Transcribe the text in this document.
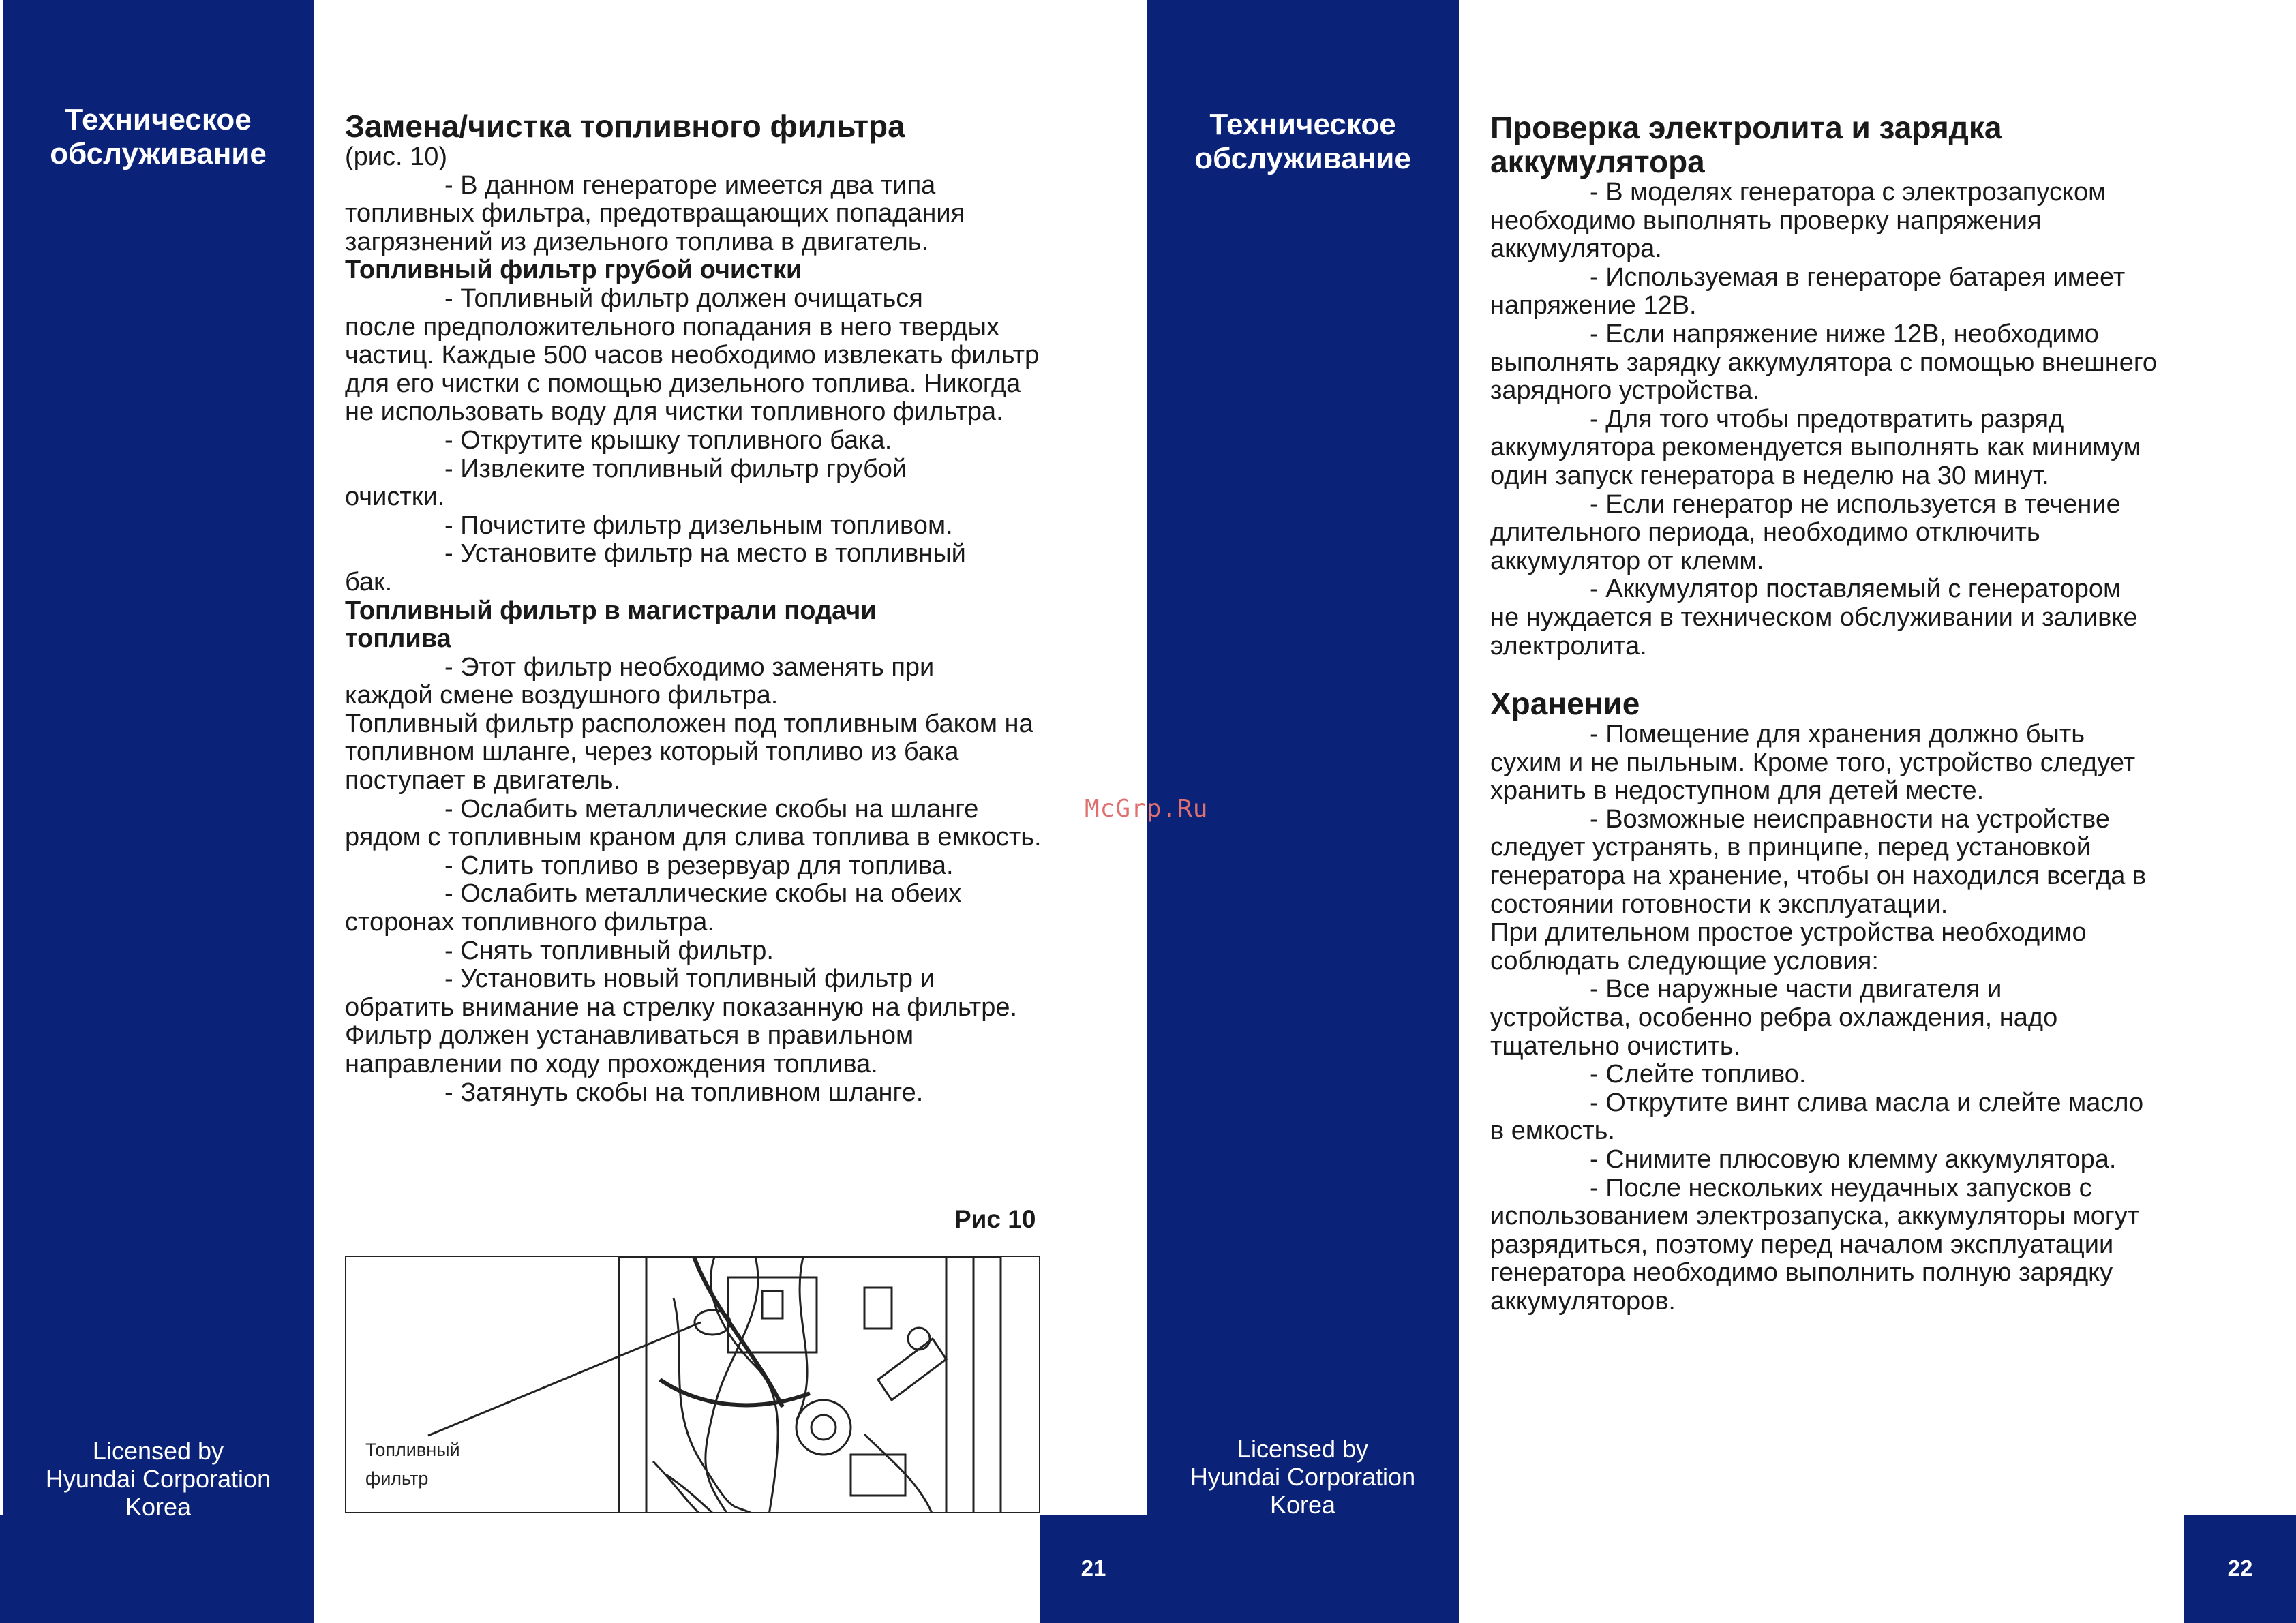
Техническое
обслуживание
Licensed by
Hyundai Corporation
Korea
21
Замена/чистка топливного фильтра

(рис. 10)

- В данном генераторе имеется два типа

топливных фильтра, предотвращающих попадания загрязнений из дизельного топлива в двигатель.

Топливный фильтр грубой очистки

- Топливный фильтр должен очищаться

после предположительного попадания в него твердых частиц. Каждые 500 часов необходимо извлекать фильтр для его чистки с помощью дизельного топлива. Никогда не использовать воду для чистки топливного фильтра.

- Открутите крышку топливного бака.

- Извлеките топливный фильтр грубой

очистки.

- Почистите фильтр дизельным топливом.

- Установите фильтр на место в топливный

бак.

Топливный фильтр в магистрали подачи топлива

- Этот фильтр необходимо заменять при

каждой смене воздушного фильтра.

Топливный фильтр расположен под топливным баком на топливном шланге, через который топливо из бака поступает в двигатель.

- Ослабить металлические скобы на шланге

рядом с топливным краном для слива топлива в емкость.

- Слить топливо в резервуар для топлива.

- Ослабить металлические скобы на обеих

сторонах топливного фильтра.

- Снять топливный фильтр.

- Установить новый топливный фильтр и

обратить внимание на стрелку показанную на фильтре. Фильтр должен устанавливаться в правильном направлении по ходу прохождения топлива.

- Затянуть скобы на топливном шланге.

Рис 10
Топливный
фильтр
McGrp.Ru
Техническое
обслуживание
Licensed by
Hyundai Corporation
Korea
22
Проверка электролита и зарядка аккумулятора

- В моделях генератора с электрозапуском

необходимо выполнять проверку напряжения аккумулятора.

- Используемая в генераторе батарея имеет

напряжение 12В.

- Если напряжение ниже 12В, необходимо

выполнять зарядку аккумулятора с помощью внешнего зарядного устройства.

- Для того чтобы предотвратить разряд

аккумулятора рекомендуется выполнять как минимум один запуск генератора в неделю на 30 минут.

- Если генератор не используется в течение

длительного периода, необходимо отключить аккумулятор от клемм.

- Аккумулятор поставляемый с генератором

не нуждается в техническом обслуживании и заливке электролита.

Хранение

- Помещение для хранения должно быть

сухим и не пыльным. Кроме того, устройство следует хранить в недоступном для детей месте.

- Возможные неисправности на устройстве

следует устранять, в принципе, перед установкой генератора на хранение, чтобы он находился всегда в состоянии готовности к эксплуатации.

При длительном простое устройства необходимо соблюдать следующие условия:

- Все наружные части двигателя и

устройства, особенно ребра охлаждения, надо тщательно очистить.

- Слейте топливо.

- Открутите винт слива масла и слейте масло

в емкость.

- Снимите плюсовую клемму аккумулятора.

- После нескольких неудачных запусков с

использованием электрозапуска, аккумуляторы могут разрядиться, поэтому перед началом эксплуатации генератора необходимо выполнить полную зарядку аккумуляторов.
